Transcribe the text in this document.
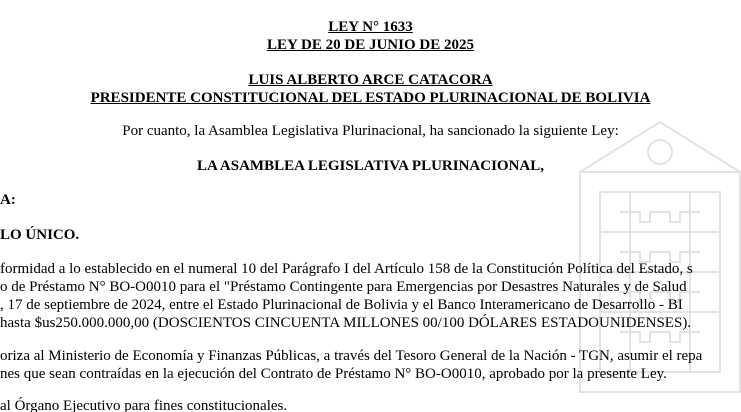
LEY N° 1633
LEY DE 20 DE JUNIO DE 2025
LUIS ALBERTO ARCE CATACORA
PRESIDENTE CONSTITUCIONAL DEL ESTADO PLURINACIONAL DE BOLIVIA
Por cuanto, la Asamblea Legislativa Plurinacional, ha sancionado la siguiente Ley:
LA ASAMBLEA LEGISLATIVA PLURINACIONAL,
A:
LO ÚNICO.
formidad a lo establecido en el numeral 10 del Parágrafo I del Artículo 158 de la Constitución Política del Estado, s
o de Préstamo N° BO-O0010 para el "Préstamo Contingente para Emergencias por Desastres Naturales y de Salud
, 17 de septiembre de 2024, entre el Estado Plurinacional de Bolivia y el Banco Interamericano de Desarrollo - BI
hasta $us250.000.000,00 (DOSCIENTOS CINCUENTA MILLONES 00/100 DÓLARES ESTADOUNIDENSES).
oriza al Ministerio de Economía y Finanzas Públicas, a través del Tesoro General de la Nación - TGN, asumir el repa
nes que sean contraídas en la ejecución del Contrato de Préstamo N° BO-O0010, aprobado por la presente Ley.
al Órgano Ejecutivo para fines constitucionales.
